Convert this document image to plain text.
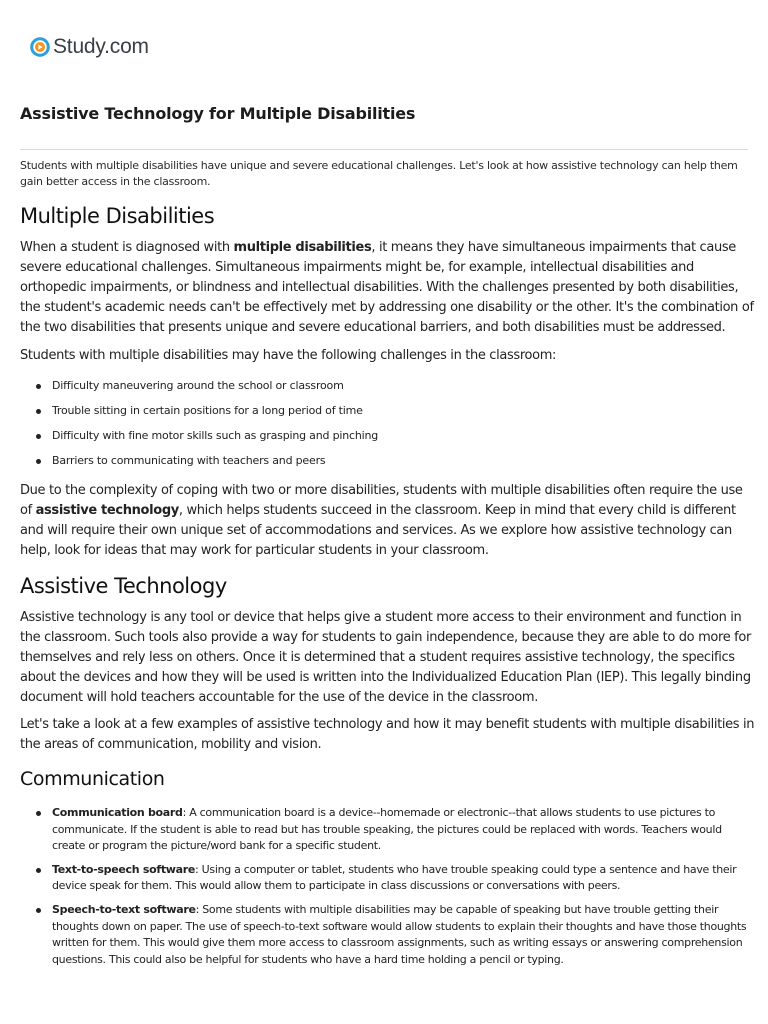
Study.com
Assistive Technology for Multiple Disabilities
Students with multiple disabilities have unique and severe educational challenges. Let's look at how assistive technology can help them gain better access in the classroom.
Multiple Disabilities

When a student is diagnosed with multiple disabilities, it means they have simultaneous impairments that cause severe educational challenges. Simultaneous impairments might be, for example, intellectual disabilities and orthopedic impairments, or blindness and intellectual disabilities. With the challenges presented by both disabilities, the student's academic needs can't be effectively met by addressing one disability or the other. It's the combination of the two disabilities that presents unique and severe educational barriers, and both disabilities must be addressed.

Students with multiple disabilities may have the following challenges in the classroom:

Difficulty maneuvering around the school or classroom
Trouble sitting in certain positions for a long period of time
Difficulty with fine motor skills such as grasping and pinching
Barriers to communicating with teachers and peers

Due to the complexity of coping with two or more disabilities, students with multiple disabilities often require the use of assistive technology, which helps students succeed in the classroom. Keep in mind that every child is different and will require their own unique set of accommodations and services. As we explore how assistive technology can help, look for ideas that may work for particular students in your classroom.

Assistive Technology

Assistive technology is any tool or device that helps give a student more access to their environment and function in the classroom. Such tools also provide a way for students to gain independence, because they are able to do more for themselves and rely less on others. Once it is determined that a student requires assistive technology, the specifics about the devices and how they will be used is written into the Individualized Education Plan (IEP). This legally binding document will hold teachers accountable for the use of the device in the classroom.

Let's take a look at a few examples of assistive technology and how it may benefit students with multiple disabilities in the areas of communication, mobility and vision.

Communication
Communication board: A communication board is a device--homemade or electronic--that allows students to use pictures to communicate. If the student is able to read but has trouble speaking, the pictures could be replaced with words. Teachers would create or program the picture/word bank for a specific student.
Text-to-speech software: Using a computer or tablet, students who have trouble speaking could type a sentence and have their device speak for them. This would allow them to participate in class discussions or conversations with peers.
Speech-to-text software: Some students with multiple disabilities may be capable of speaking but have trouble getting their thoughts down on paper. The use of speech-to-text software would allow students to explain their thoughts and have those thoughts written for them. This would give them more access to classroom assignments, such as writing essays or answering comprehension questions. This could also be helpful for students who have a hard time holding a pencil or typing.
